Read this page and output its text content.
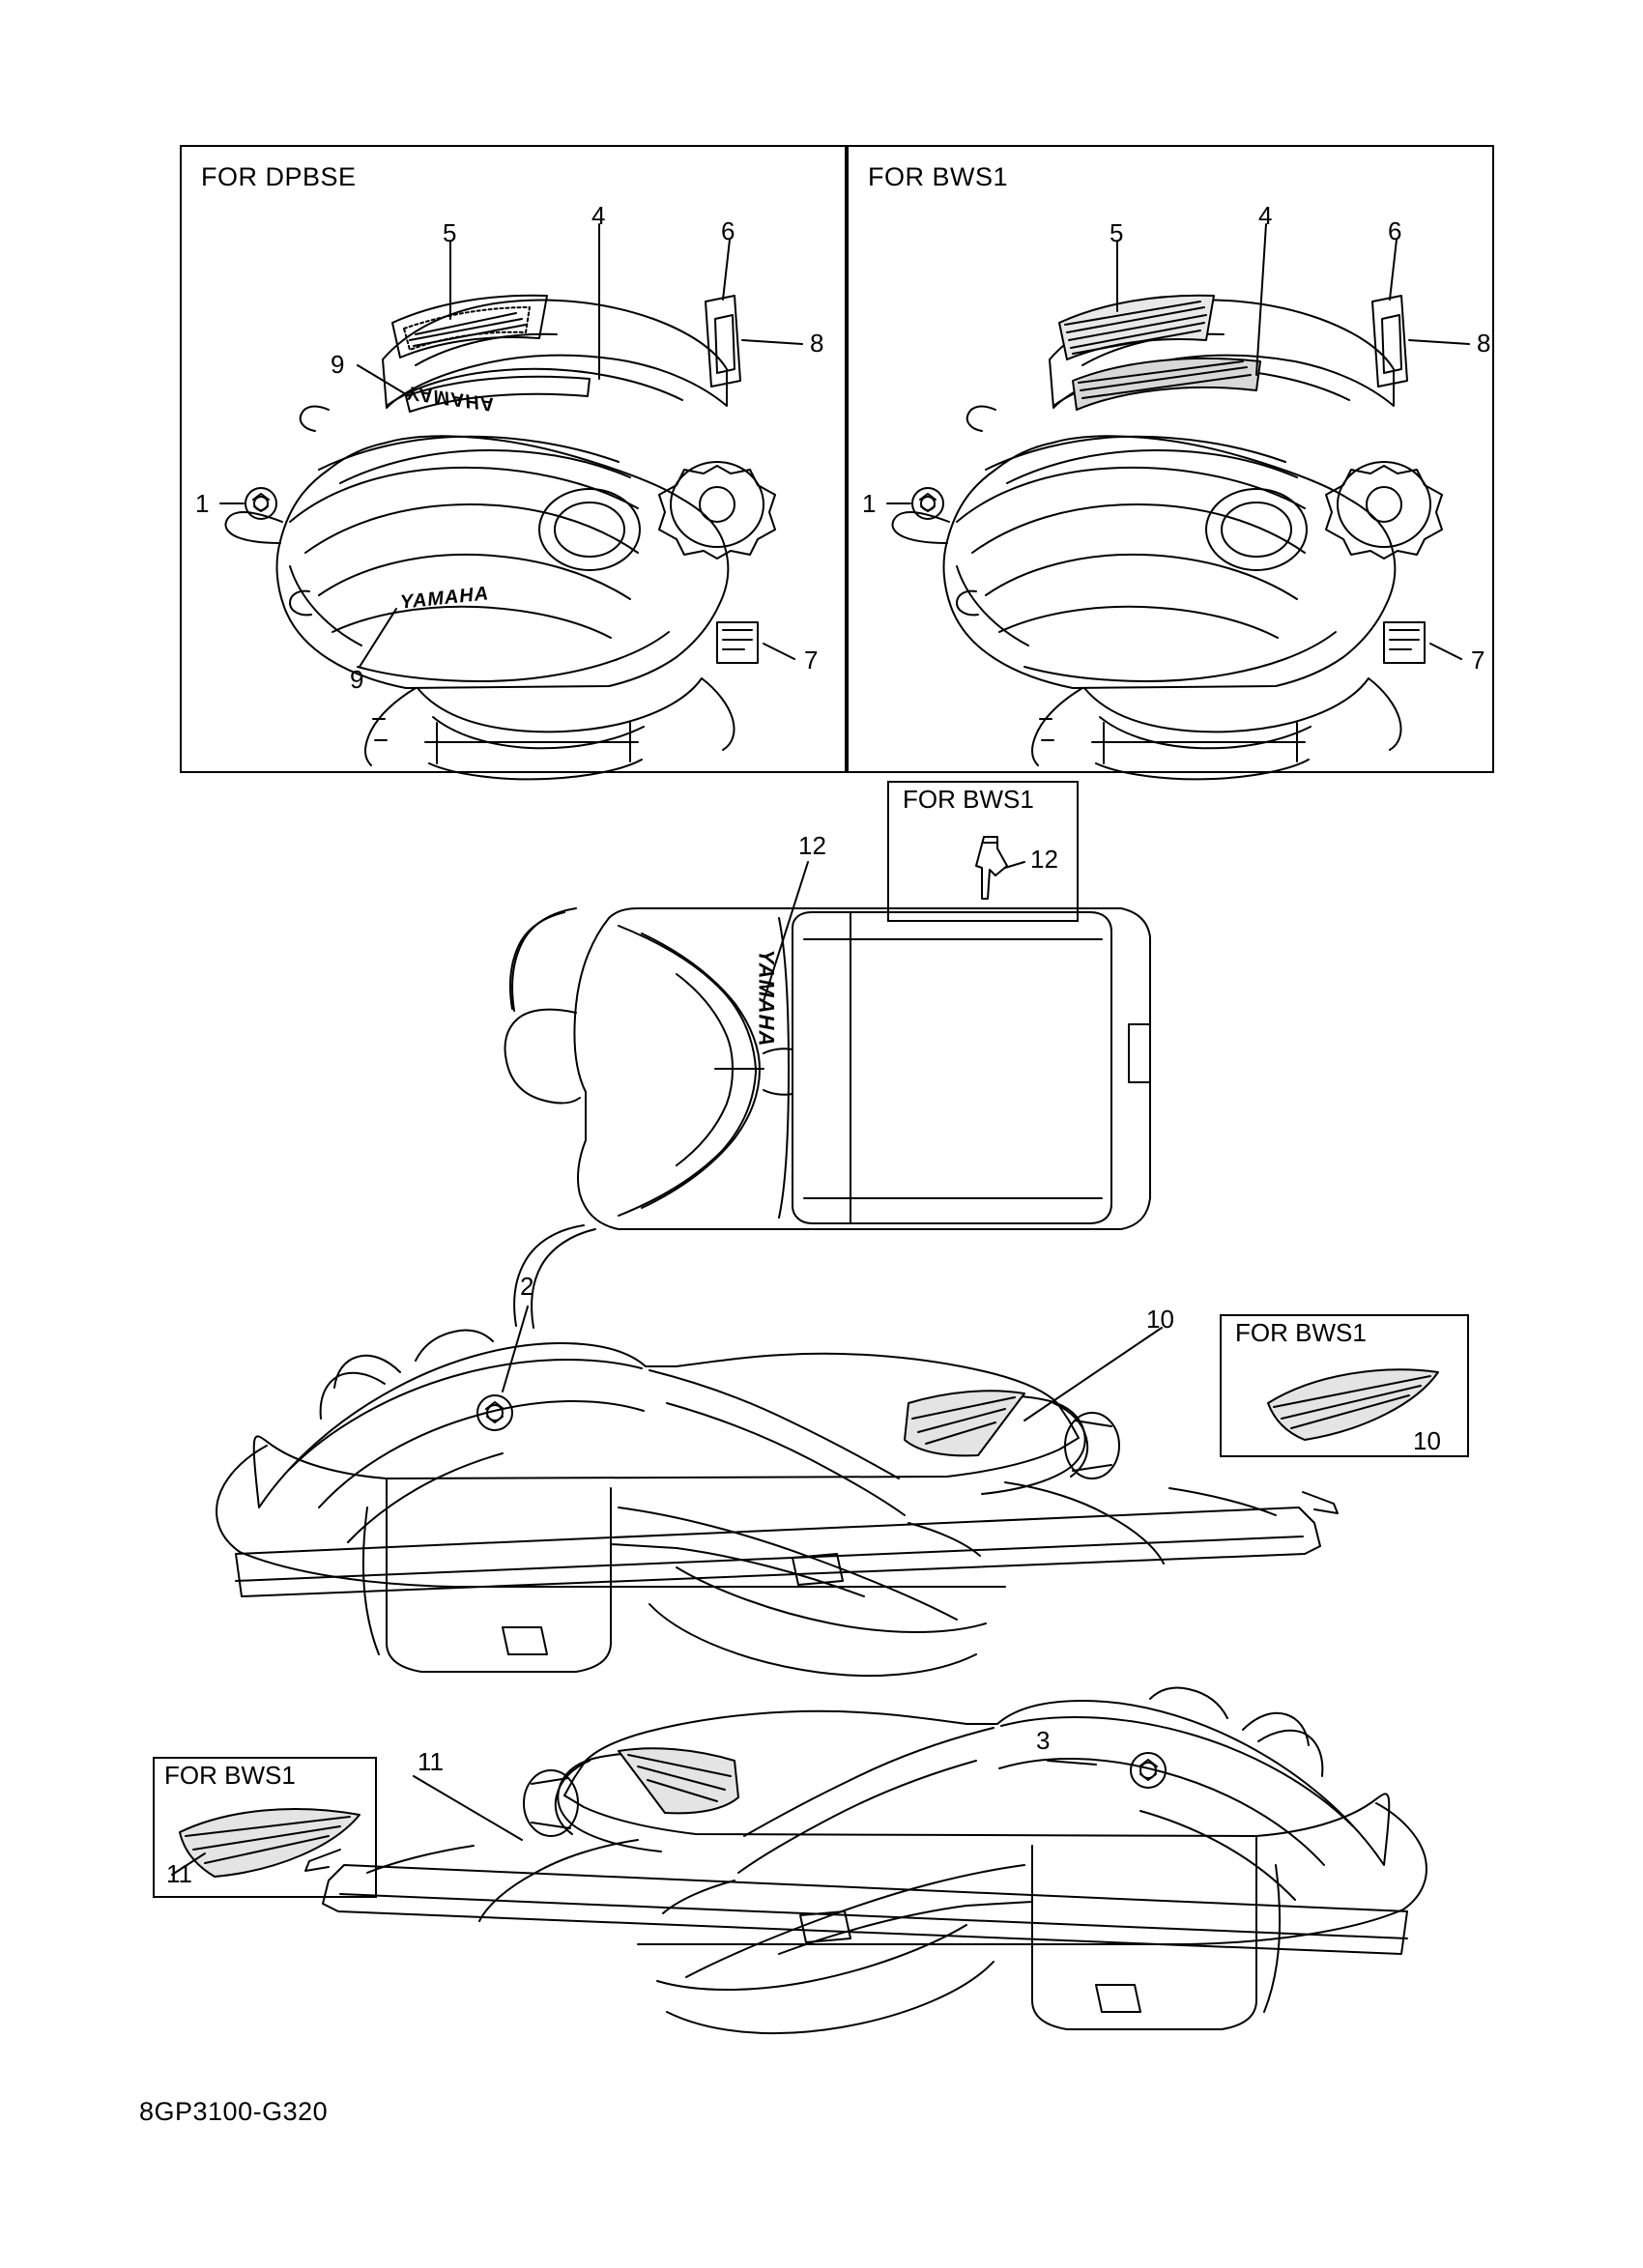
FOR DPBSE	FOR BWS1
FOR BWS1
FOR BWS1
FOR BWS1
YAMAHA
YAMAHA
YAMAHA
5
4
6
8
9
1
9
7
5
4
6
8
1
7
12	12
2
10
10
11
11
3
8GP3100-G320
